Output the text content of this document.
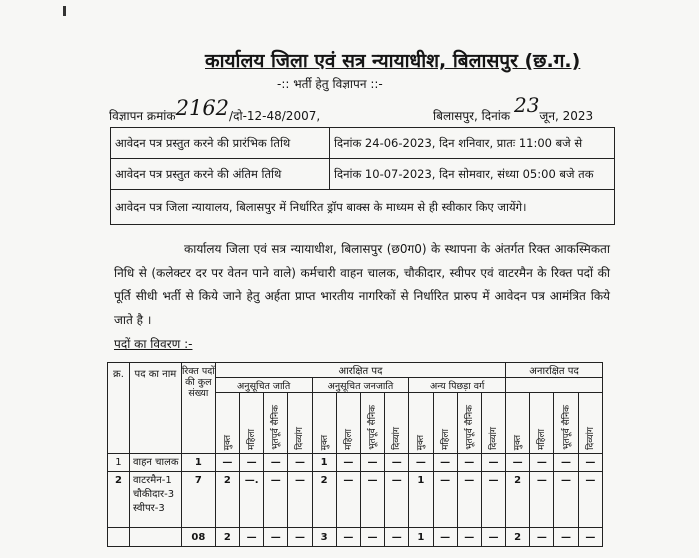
कार्यालय जिला एवं सत्र न्यायाधीश, बिलासपुर (छ.ग.)
-:: भर्ती हेतु विज्ञापन ::-
विज्ञापन क्रमांक2162/दो-12-48/2007,	बिलासपुर, दिनांक 23जून, 2023
आवेदन पत्र प्रस्तुत करने की प्रारंभिक तिथि	दिनांक 24-06-2023, दिन शनिवार, प्रातः 11:00 बजे से
आवेदन पत्र प्रस्तुत करने की अंतिम तिथि	दिनांक 10-07-2023, दिन सोमवार, संध्या 05:00 बजे तक
आवेदन पत्र जिला न्यायालय, बिलासपुर में निर्धारित ड्रॉप बाक्स के माध्यम से ही स्वीकार किए जायेंगे।	
कार्यालय जिला एवं सत्र न्यायाधीश, बिलासपुर (छ0ग0) के स्थापना के अंतर्गत रिक्त आकस्मिकता निधि से (कलेक्टर दर पर वेतन पाने वाले) कर्मचारी वाहन चालक, चौकीदार, स्वीपर एवं वाटरमैन के रिक्त पदों की पूर्ति सीधी भर्ती से किये जाने हेतु अर्हता प्राप्त भारतीय नागरिकों से निर्धारित प्रारुप में आवेदन पत्र आमंत्रित किये जाते है ।
पदों का विवरण :-
क्र.	पद का नाम	रिक्त पदों की कुल संख्या	आरक्षित पद												अनारक्षित पद			
			अनुसूचित जाति				अनुसूचित जनजाति				अन्य पिछड़ा वर्ग							
			मुक्त	महिला	भूतपूर्व सैनिक	दिव्यांग	मुक्त	महिला	भूतपूर्व सैनिक	दिव्यांग	मुक्त	महिला	भूतपूर्व सैनिक	दिव्यांग	मुक्त	महिला	भूतपूर्व सैनिक	दिव्यांग
1	वाहन चालक	1	—	—	—	—	1	—	—	—	—	—	—	—	—	—	—	—
2	वाटरमैन-1 चौकीदार-3 स्वीपर-3	7	2	—.	—	—	2	—	—	—	1	—	—	—	2	—	—	—
		08	2	—	—	—	3	—	—	—	1	—	—	—	2	—	—	—
